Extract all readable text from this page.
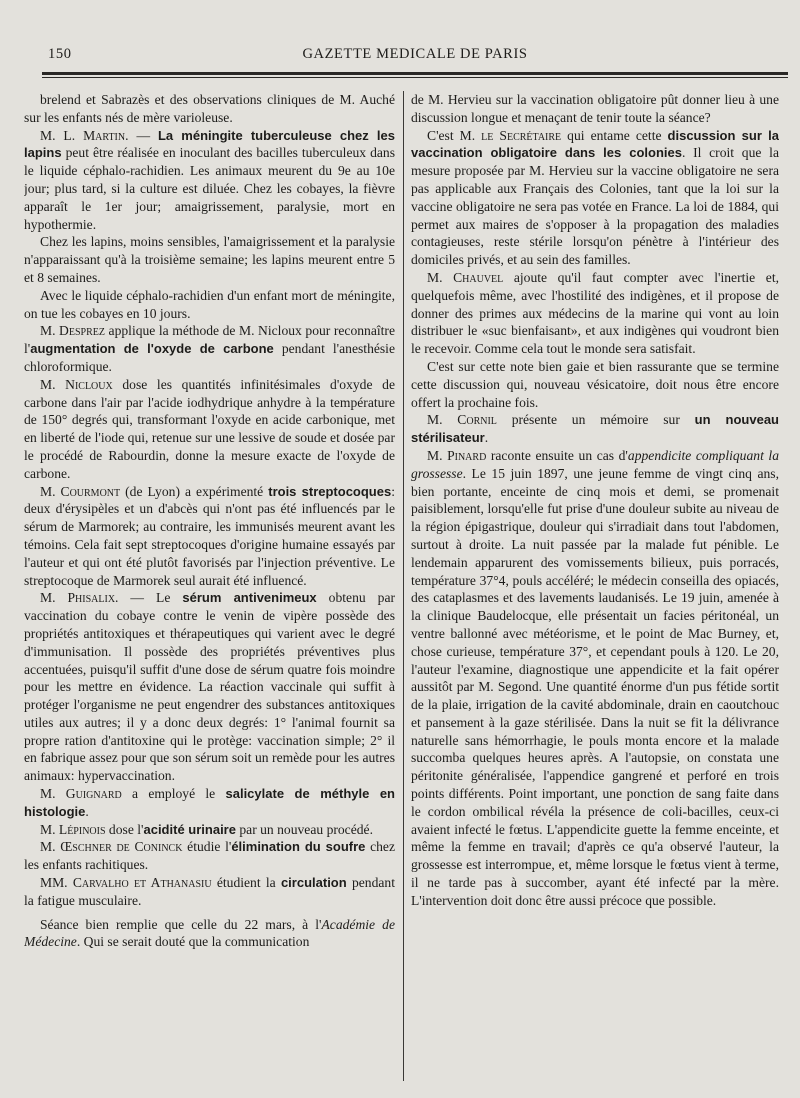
150	GAZETTE MEDICALE DE PARIS

brelend et Sabrazès et des observations cliniques de M. Auché sur les enfants nés de mère varioleuse.

M. L. Martin. — La méningite tuberculeuse chez les lapins peut être réalisée en inoculant des bacilles tuberculeux dans le liquide céphalo-rachidien. Les animaux meurent du 9e au 10e jour; plus tard, si la culture est diluée. Chez les cobayes, la fièvre apparaît le 1er jour; amaigrissement, paralysie, mort en hypothermie.

Chez les lapins, moins sensibles, l'amaigrissement et la paralysie n'apparaissant qu'à la troisième semaine; les lapins meurent entre 5 et 8 semaines.

Avec le liquide céphalo-rachidien d'un enfant mort de méningite, on tue les cobayes en 10 jours.

M. Desprez applique la méthode de M. Nicloux pour reconnaître l'augmentation de l'oxyde de carbone pendant l'anesthésie chloroformique.

M. Nicloux dose les quantités infinitésimales d'oxyde de carbone dans l'air par l'acide iodhydrique anhydre à la température de 150° degrés qui, transformant l'oxyde en acide carbonique, met en liberté de l'iode qui, retenue sur une lessive de soude et dosée par le procédé de Rabourdin, donne la mesure exacte de l'oxyde de carbone.

M. Courmont (de Lyon) a expérimenté trois streptocoques: deux d'érysipèles et un d'abcès qui n'ont pas été influencés par le sérum de Marmorek; au contraire, les immunisés meurent avant les témoins. Cela fait sept streptocoques d'origine humaine essayés par l'auteur et qui ont été plutôt favorisés par l'injection préventive. Le streptocoque de Marmorek seul aurait été influencé.

M. Phisalix. — Le sérum antivenimeux obtenu par vaccination du cobaye contre le venin de vipère possède des propriétés antitoxiques et thérapeutiques qui varient avec le degré d'immunisation. Il possède des propriétés préventives plus accentuées, puisqu'il suffit d'une dose de sérum quatre fois moindre pour les mettre en évidence. La réaction vaccinale qui suffit à protéger l'organisme ne peut engendrer des substances antitoxiques utiles aux autres; il y a donc deux degrés: 1° l'animal fournit sa propre ration d'antitoxine qui le protège: vaccination simple; 2° il en fabrique assez pour que son sérum soit un remède pour les autres animaux: hypervaccination.

M. Guignard a employé le salicylate de méthyle en histologie.

M. Lépinois dose l'acidité urinaire par un nouveau procédé.

M. Œschner de Coninck étudie l'élimination du soufre chez les enfants rachitiques.

MM. Carvalho et Athanasiu étudient la circulation pendant la fatigue musculaire.

Séance bien remplie que celle du 22 mars, à l'Académie de Médecine. Qui se serait douté que la communication

de M. Hervieu sur la vaccination obligatoire pût donner lieu à une discussion longue et menaçant de tenir toute la séance?

C'est M. le Secrétaire qui entame cette discussion sur la vaccination obligatoire dans les colonies. Il croit que la mesure proposée par M. Hervieu sur la vaccine obligatoire ne sera pas applicable aux Français des Colonies, tant que la loi sur la vaccine obligatoire ne sera pas votée en France. La loi de 1884, qui permet aux maires de s'opposer à la propagation des maladies contagieuses, reste stérile lorsqu'on pénètre à l'intérieur des domiciles privés, et au sein des familles.

M. Chauvel ajoute qu'il faut compter avec l'inertie et, quelquefois même, avec l'hostilité des indigènes, et il propose de donner des primes aux médecins de la marine qui vont au loin distribuer le «suc bienfaisant», et aux indigènes qui voudront bien le recevoir. Comme cela tout le monde sera satisfait.

C'est sur cette note bien gaie et bien rassurante que se termine cette discussion qui, nouveau vésicatoire, doit nous être encore offert la prochaine fois.

M. Cornil présente un mémoire sur un nouveau stérilisateur.

M. Pinard raconte ensuite un cas d'appendicite compliquant la grossesse. Le 15 juin 1897, une jeune femme de vingt cinq ans, bien portante, enceinte de cinq mois et demi, se promenait paisiblement, lorsqu'elle fut prise d'une douleur subite au niveau de la région épigastrique, douleur qui s'irradiait dans tout l'abdomen, surtout à droite. La nuit passée par la malade fut pénible. Le lendemain apparurent des vomissements bilieux, puis porracés, température 37°4, pouls accéléré; le médecin conseilla des opiacés, des cataplasmes et des lavements laudanisés. Le 19 juin, amenée à la clinique Baudelocque, elle présentait un facies péritonéal, un ventre ballonné avec météorisme, et le point de Mac Burney, et, chose curieuse, température 37°, et cependant pouls à 120. Le 20, l'auteur l'examine, diagnostique une appendicite et la fait opérer aussitôt par M. Segond. Une quantité énorme d'un pus fétide sortit de la plaie, irrigation de la cavité abdominale, drain en caoutchouc et pansement à la gaze stérilisée. Dans la nuit se fit la délivrance naturelle sans hémorrhagie, le pouls monta encore et la malade succomba quelques heures après. A l'autopsie, on constata une péritonite généralisée, l'appendice gangrené et perforé en trois points différents. Point important, une ponction de sang faite dans le cordon ombilical révéla la présence de coli-bacilles, ceux-ci avaient infecté le fœtus. L'appendicite guette la femme enceinte, et même la femme en travail; d'après ce qu'a observé l'auteur, la grossesse est interrompue, et, même lorsque le fœtus vient à terme, il ne tarde pas à succomber, ayant été infecté par la mère. L'intervention doit donc être aussi précoce que possible.
